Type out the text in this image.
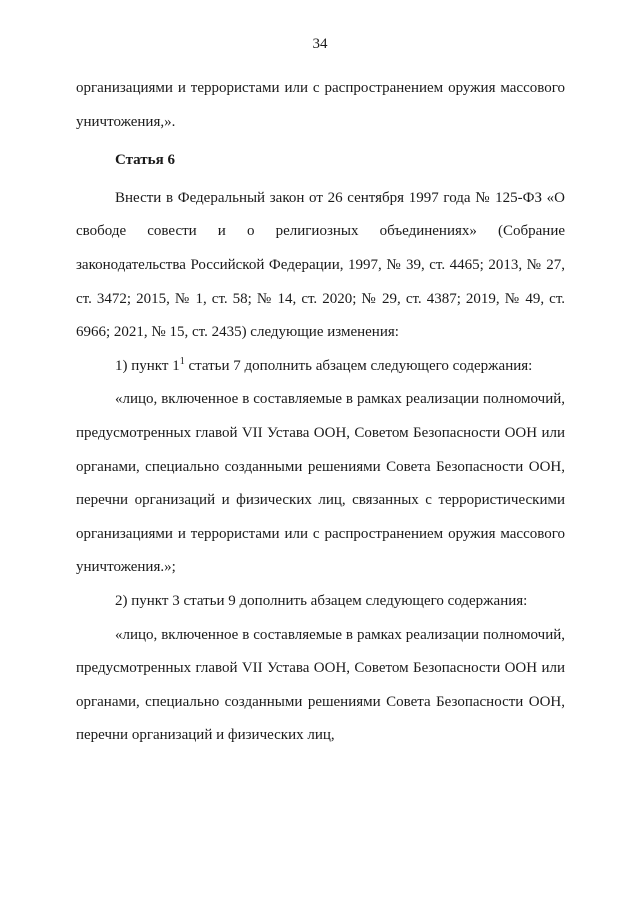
34

организациями и террористами или с распространением оружия массового уничтожения,».

Статья 6

Внести в Федеральный закон от 26 сентября 1997 года № 125-ФЗ «О свободе совести и о религиозных объединениях» (Собрание законодательства Российской Федерации, 1997, № 39, ст. 4465; 2013, № 27, ст. 3472; 2015, № 1, ст. 58; № 14, ст. 2020; № 29, ст. 4387; 2019, № 49, ст. 6966; 2021, № 15, ст. 2435) следующие изменения:

1) пункт $1^1$ статьи 7 дополнить абзацем следующего содержания:

«лицо, включенное в составляемые в рамках реализации полномочий, предусмотренных главой VII Устава ООН, Советом Безопасности ООН или органами, специально созданными решениями Совета Безопасности ООН, перечни организаций и физических лиц, связанных с террористическими организациями и террористами или с распространением оружия массового уничтожения.»;

2) пункт 3 статьи 9 дополнить абзацем следующего содержания:

«лицо, включенное в составляемые в рамках реализации полномочий, предусмотренных главой VII Устава ООН, Советом Безопасности ООН или органами, специально созданными решениями Совета Безопасности ООН, перечни организаций и физических лиц,
